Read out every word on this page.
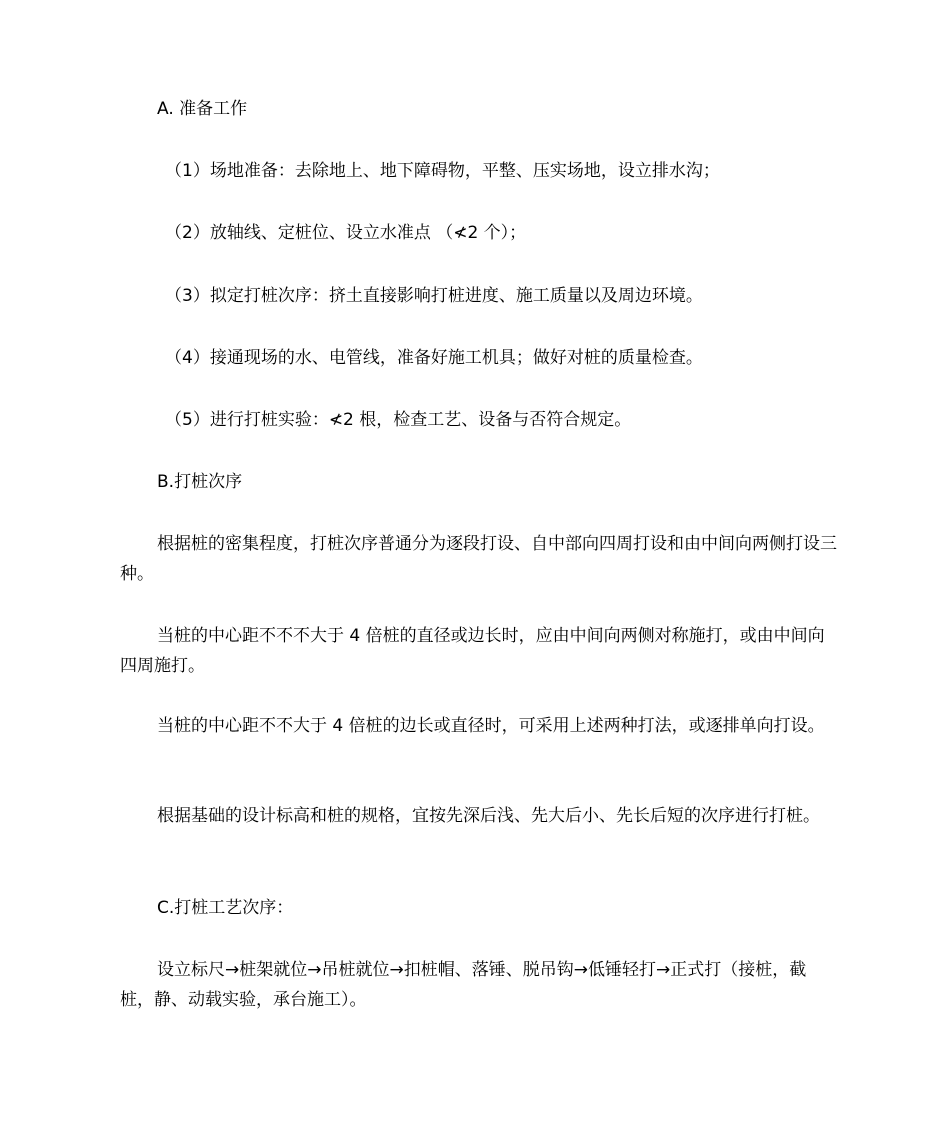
A. 准备工作

（1）场地准备：去除地上、地下障碍物，平整、压实场地，设立排水沟；

（2）放轴线、定桩位、设立水准点 （≮2 个）；

（3）拟定打桩次序：挤土直接影响打桩进度、施工质量以及周边环境。

（4）接通现场的水、电管线，准备好施工机具；做好对桩的质量检查。

（5）进行打桩实验：≮2 根，检查工艺、设备与否符合规定。

B.打桩次序

根据桩的密集程度，打桩次序普通分为逐段打设、自中部向四周打设和由中间向两侧打设三种。

当桩的中心距不不不大于 4 倍桩的直径或边长时，应由中间向两侧对称施打，或由中间向四周施打。

当桩的中心距不不大于 4 倍桩的边长或直径时，可采用上述两种打法，或逐排单向打设。

根据基础的设计标高和桩的规格，宜按先深后浅、先大后小、先长后短的次序进行打桩。

C.打桩工艺次序：

设立标尺→桩架就位→吊桩就位→扣桩帽、落锤、脱吊钩→低锤轻打→正式打（接桩，截桩，静、动载实验，承台施工）。
